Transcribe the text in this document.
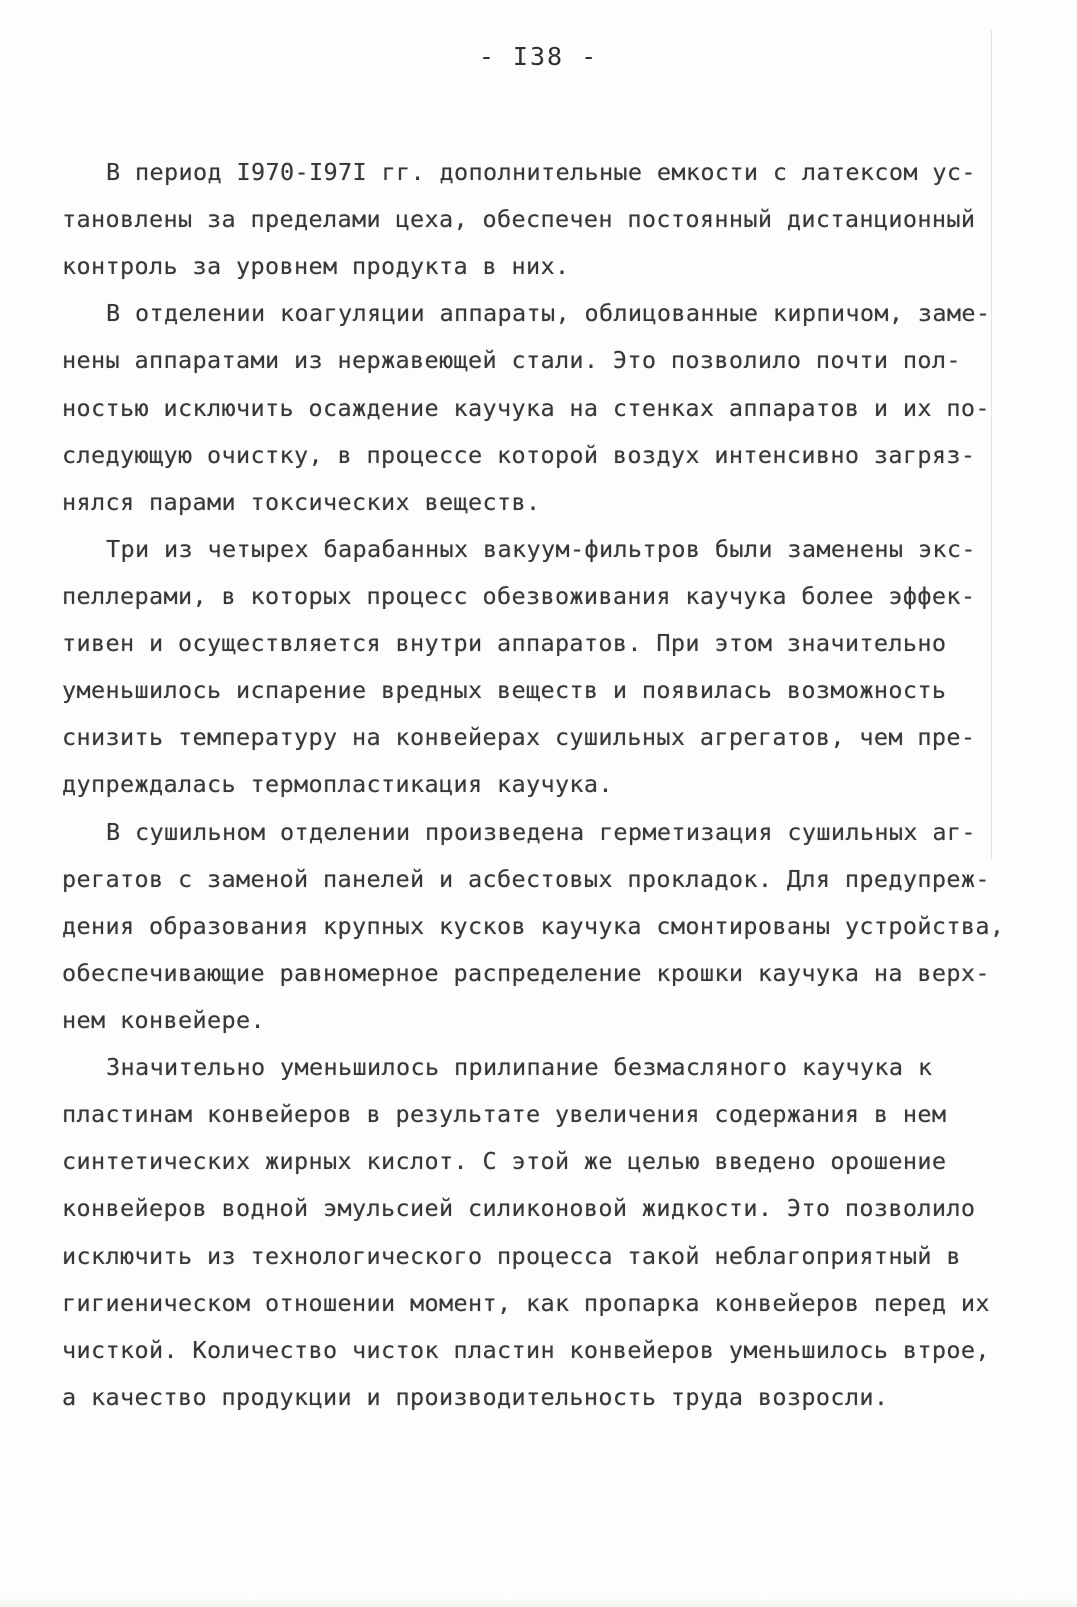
- I38 -
В период I970-I97I гг. дополнительные емкости с латексом ус-
тановлены за пределами цеха, обеспечен постоянный дистанционный
контроль за уровнем продукта в них.
В отделении коагуляции аппараты, облицованные кирпичом, заме-
нены аппаратами из нержавеющей стали. Это позволило почти пол-
ностью исключить осаждение каучука на стенках аппаратов и их по-
следующую очистку, в процессе которой воздух интенсивно загряз-
нялся парами токсических веществ.
Три из четырех барабанных вакуум-фильтров были заменены экс-
пеллерами, в которых процесс обезвоживания каучука более эффек-
тивен и осуществляется внутри аппаратов. При этом значительно
уменьшилось испарение вредных веществ и появилась возможность
снизить температуру на конвейерах сушильных агрегатов, чем пре-
дупреждалась термопластикация каучука.
В сушильном отделении произведена герметизация сушильных аг-
регатов с заменой панелей и асбестовых прокладок. Для предупреж-
дения образования крупных кусков каучука смонтированы устройства,
обеспечивающие равномерное распределение крошки каучука на верх-
нем конвейере.
Значительно уменьшилось прилипание безмасляного каучука к
пластинам конвейеров в результате увеличения содержания в нем
синтетических жирных кислот. С этой же целью введено орошение
конвейеров водной эмульсией силиконовой жидкости. Это позволило
исключить из технологического процесса такой неблагоприятный в
гигиеническом отношении момент, как пропарка конвейеров перед их
чисткой. Количество чисток пластин конвейеров уменьшилось втрое,
а качество продукции и производительность труда возросли.
